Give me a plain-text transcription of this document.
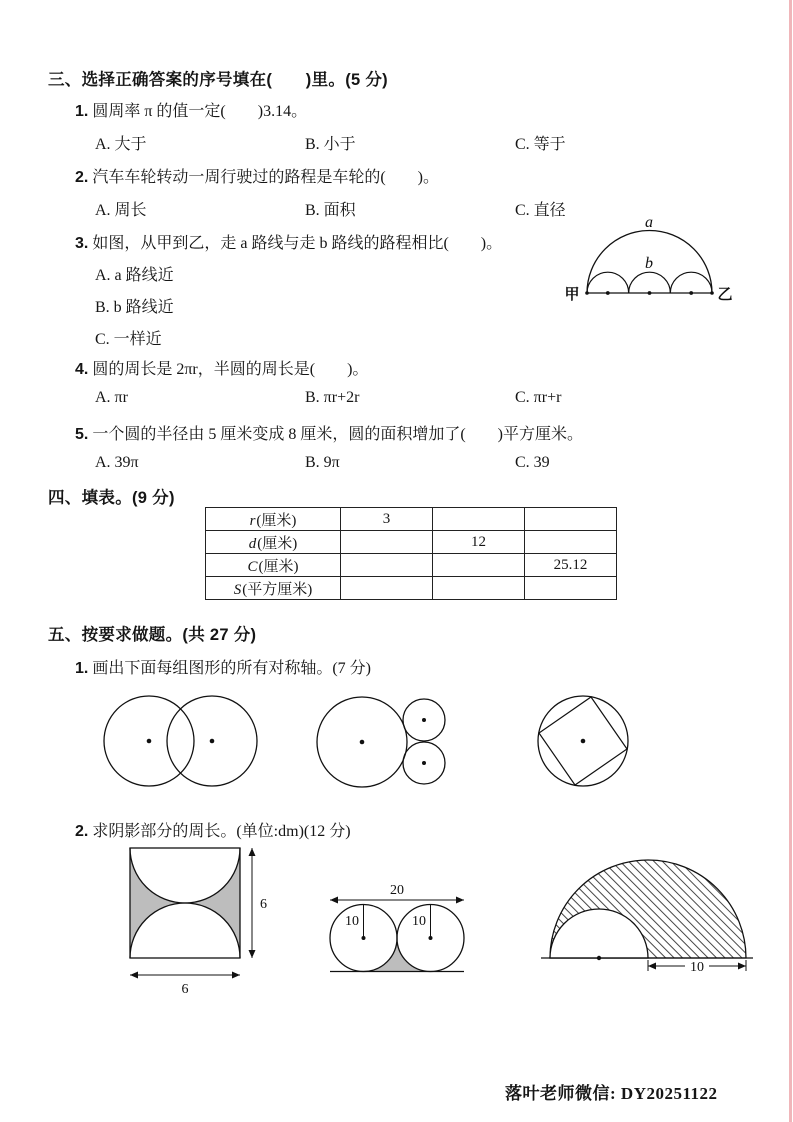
三、选择正确答案的序号填在(　　)里。(5 分)
1. 圆周率 π 的值一定(　　)3.14。
A. 大于	B. 小于	C. 等于
2. 汽车车轮转动一周行驶过的路程是车轮的(　　)。
A. 周长	B. 面积	C. 直径
3. 如图，从甲到乙，走 a 路线与走 b 路线的路程相比(　　)。
A. a 路线近
B. b 路线近
C. 一样近
甲	乙
a
b
4. 圆的周长是 2πr，半圆的周长是(　　)。
A. πr	B. πr+2r	C. πr+r
5. 一个圆的半径由 5 厘米变成 8 厘米，圆的面积增加了(　　)平方厘米。
A. 39π	B. 9π	C. 39
四、填表。(9 分)
r(厘米)	3		
d(厘米)		12	
C(厘米)			25.12
S(平方厘米)			
五、按要求做题。(共 27 分)
1. 画出下面每组图形的所有对称轴。(7 分)
2. 求阴影部分的周长。(单位:dm)(12 分)
6
6
10	10
20
10
落叶老师微信: DY20251122
